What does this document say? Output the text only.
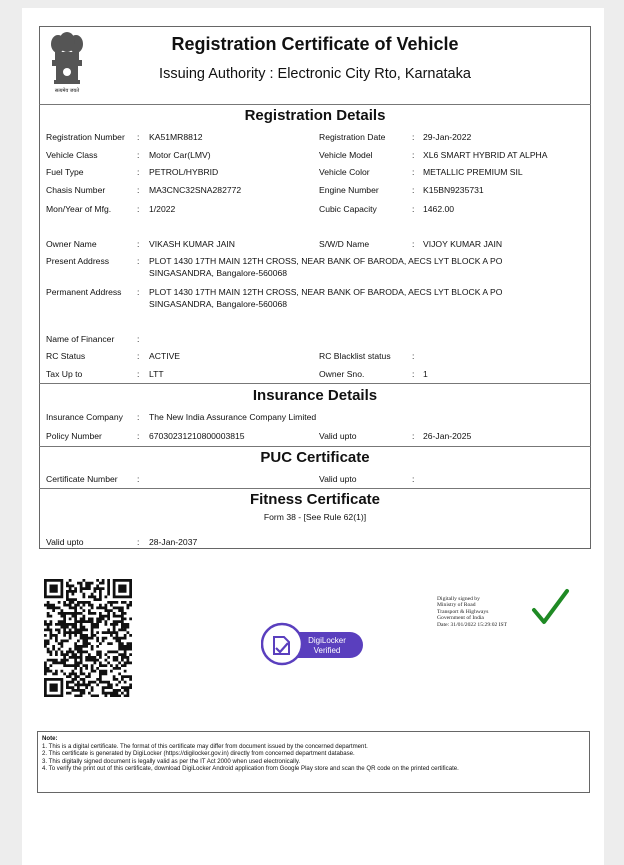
सत्यमेव जयते
Registration Certificate of Vehicle
Issuing Authority : Electronic City Rto, Karnataka
Registration Details
Registration Number :	KA51MR8812	Registration Date	:	29-Jan-2022
Vehicle Class	:	Motor Car(LMV)	Vehicle Model	:	XL6 SMART HYBRID AT ALPHA
Fuel Type	:	PETROL/HYBRID	Vehicle Color	:	METALLIC PREMIUM SIL
Chasis Number	:	MA3CNC32SNA282772	Engine Number	:	K15BN9235731
Mon/Year of Mfg.	:	1/2022	Cubic Capacity	:	1462.00
Owner Name	:	VIKASH KUMAR JAIN	S/W/D Name	:	VIJOY KUMAR JAIN
Present Address	:	PLOT 1430 17TH MAIN 12TH CROSS, NEAR BANK OF BARODA, AECS LYT BLOCK A PO SINGASANDRA, Bangalore-560068
Permanent Address :	PLOT 1430 17TH MAIN 12TH CROSS, NEAR BANK OF BARODA, AECS LYT BLOCK A PO SINGASANDRA, Bangalore-560068
Name of Financer	:
RC Status	:	ACTIVE	RC Blacklist status :
Tax Up to	:	LTT	Owner Sno.	:	1
Insurance Details
Insurance Company :	The New India Assurance Company Limited
Policy Number	:	67030231210800003815	Valid upto	:	26-Jan-2025
PUC Certificate
Certificate Number :	Valid upto	:
Fitness Certificate
Form 38 - [See Rule 62(1)]
Valid upto	:	28-Jan-2037
DigiLocker
Verified
Digitally signed by
Ministry of Road
Transport & Highways
Government of India
Date: 31/01/2022 15:29:02 IST
Note:
1. This is a digital certificate. The format of this certificate may differ from document issued by the concerned department.
2. This certificate is generated by DigiLocker (https://digilocker.gov.in) directly from concerned department database.
3. This digitally signed document is legally valid as per the IT Act 2000 when used electronically.
4. To verify the print out of this certificate, download DigiLocker Android application from Google Play store and scan the QR code on the printed certificate.
